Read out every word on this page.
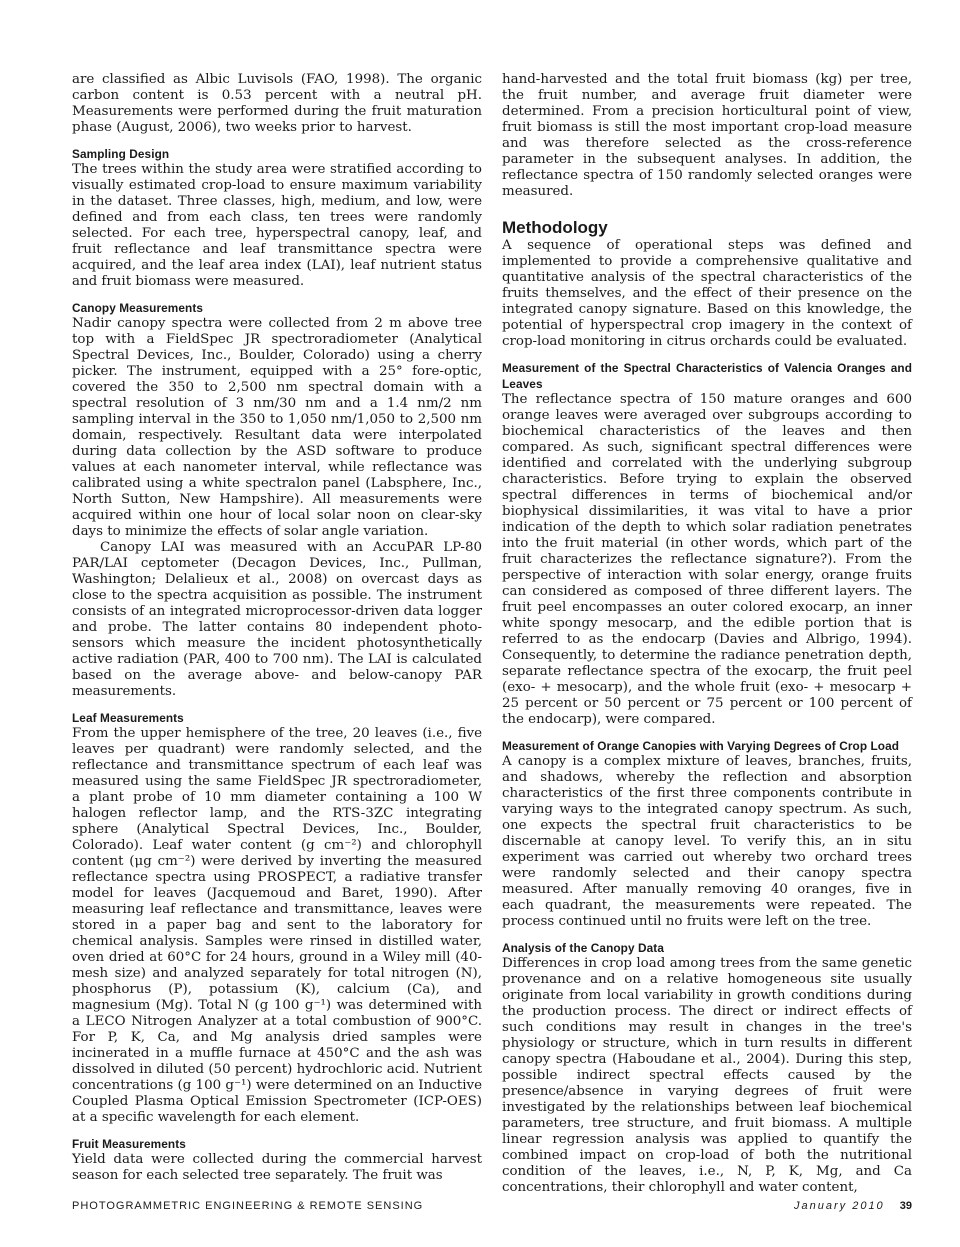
are classified as Albic Luvisols (FAO, 1998). The organic carbon content is 0.53 percent with a neutral pH. Measurements were performed during the fruit maturation phase (August, 2006), two weeks prior to harvest.

Sampling Design

The trees within the study area were stratified according to visually estimated crop-load to ensure maximum variability in the dataset. Three classes, high, medium, and low, were defined and from each class, ten trees were randomly selected. For each tree, hyperspectral canopy, leaf, and fruit reflectance and leaf transmittance spectra were acquired, and the leaf area index (LAI), leaf nutrient status and fruit biomass were measured.

Canopy Measurements

Nadir canopy spectra were collected from 2 m above tree top with a FieldSpec JR spectroradiometer (Analytical Spectral Devices, Inc., Boulder, Colorado) using a cherry picker. The instrument, equipped with a 25° fore-optic, covered the 350 to 2,500 nm spectral domain with a spectral resolution of 3 nm/30 nm and a 1.4 nm/2 nm sampling interval in the 350 to 1,050 nm/1,050 to 2,500 nm domain, respectively. Resultant data were interpolated during data collection by the ASD software to produce values at each nanometer interval, while reflectance was calibrated using a white spectralon panel (Labsphere, Inc., North Sutton, New Hampshire). All measurements were acquired within one hour of local solar noon on clear-sky days to minimize the effects of solar angle variation.

Canopy LAI was measured with an AccuPAR LP-80 PAR/LAI ceptometer (Decagon Devices, Inc., Pullman, Washington; Delalieux et al., 2008) on overcast days as close to the spectra acquisition as possible. The instrument consists of an integrated microprocessor-driven data logger and probe. The latter contains 80 independent photo-sensors which measure the incident photosynthetically active radiation (PAR, 400 to 700 nm). The LAI is calculated based on the average above- and below-canopy PAR measurements.

Leaf Measurements

From the upper hemisphere of the tree, 20 leaves (i.e., five leaves per quadrant) were randomly selected, and the reflectance and transmittance spectrum of each leaf was measured using the same FieldSpec JR spectroradiometer, a plant probe of 10 mm diameter containing a 100 W halogen reflector lamp, and the RTS-3ZC integrating sphere (Analytical Spectral Devices, Inc., Boulder, Colorado). Leaf water content (g cm⁻²) and chlorophyll content (μg cm⁻²) were derived by inverting the measured reflectance spectra using PROSPECT, a radiative transfer model for leaves (Jacquemoud and Baret, 1990). After measuring leaf reflectance and transmittance, leaves were stored in a paper bag and sent to the laboratory for chemical analysis. Samples were rinsed in distilled water, oven dried at 60°C for 24 hours, ground in a Wiley mill (40-mesh size) and analyzed separately for total nitrogen (N), phosphorus (P), potassium (K), calcium (Ca), and magnesium (Mg). Total N (g 100 g⁻¹) was determined with a LECO Nitrogen Analyzer at a total combustion of 900°C. For P, K, Ca, and Mg analysis dried samples were incinerated in a muffle furnace at 450°C and the ash was dissolved in diluted (50 percent) hydrochloric acid. Nutrient concentrations (g 100 g⁻¹) were determined on an Inductive Coupled Plasma Optical Emission Spectrometer (ICP-OES) at a specific wavelength for each element.

Fruit Measurements

Yield data were collected during the commercial harvest season for each selected tree separately. The fruit was

hand-harvested and the total fruit biomass (kg) per tree, the fruit number, and average fruit diameter were determined. From a precision horticultural point of view, fruit biomass is still the most important crop-load measure and was therefore selected as the cross-reference parameter in the subsequent analyses. In addition, the reflectance spectra of 150 randomly selected oranges were measured.

Methodology

A sequence of operational steps was defined and implemented to provide a comprehensive qualitative and quantitative analysis of the spectral characteristics of the fruits themselves, and the effect of their presence on the integrated canopy signature. Based on this knowledge, the potential of hyperspectral crop imagery in the context of crop-load monitoring in citrus orchards could be evaluated.

Measurement of the Spectral Characteristics of Valencia Oranges and Leaves

The reflectance spectra of 150 mature oranges and 600 orange leaves were averaged over subgroups according to biochemical characteristics of the leaves and then compared. As such, significant spectral differences were identified and correlated with the underlying subgroup characteristics. Before trying to explain the observed spectral differences in terms of biochemical and/or biophysical dissimilarities, it was vital to have a prior indication of the depth to which solar radiation penetrates into the fruit material (in other words, which part of the fruit characterizes the reflectance signature?). From the perspective of interaction with solar energy, orange fruits can considered as composed of three different layers. The fruit peel encompasses an outer colored exocarp, an inner white spongy mesocarp, and the edible portion that is referred to as the endocarp (Davies and Albrigo, 1994). Consequently, to determine the radiance penetration depth, separate reflectance spectra of the exocarp, the fruit peel (exo- + mesocarp), and the whole fruit (exo- + mesocarp + 25 percent or 50 percent or 75 percent or 100 percent of the endocarp), were compared.

Measurement of Orange Canopies with Varying Degrees of Crop Load

A canopy is a complex mixture of leaves, branches, fruits, and shadows, whereby the reflection and absorption characteristics of the first three components contribute in varying ways to the integrated canopy spectrum. As such, one expects the spectral fruit characteristics to be discernable at canopy level. To verify this, an in situ experiment was carried out whereby two orchard trees were randomly selected and their canopy spectra measured. After manually removing 40 oranges, five in each quadrant, the measurements were repeated. The process continued until no fruits were left on the tree.

Analysis of the Canopy Data

Differences in crop load among trees from the same genetic provenance and on a relative homogeneous site usually originate from local variability in growth conditions during the production process. The direct or indirect effects of such conditions may result in changes in the tree's physiology or structure, which in turn results in different canopy spectra (Haboudane et al., 2004). During this step, possible indirect spectral effects caused by the presence/absence in varying degrees of fruit were investigated by the relationships between leaf biochemical parameters, tree structure, and fruit biomass. A multiple linear regression analysis was applied to quantify the combined impact on crop-load of both the nutritional condition of the leaves, i.e., N, P, K, Mg, and Ca concentrations, their chlorophyll and water content,

PHOTOGRAMMETRIC ENGINEERING & REMOTE SENSING	January 2010 39
